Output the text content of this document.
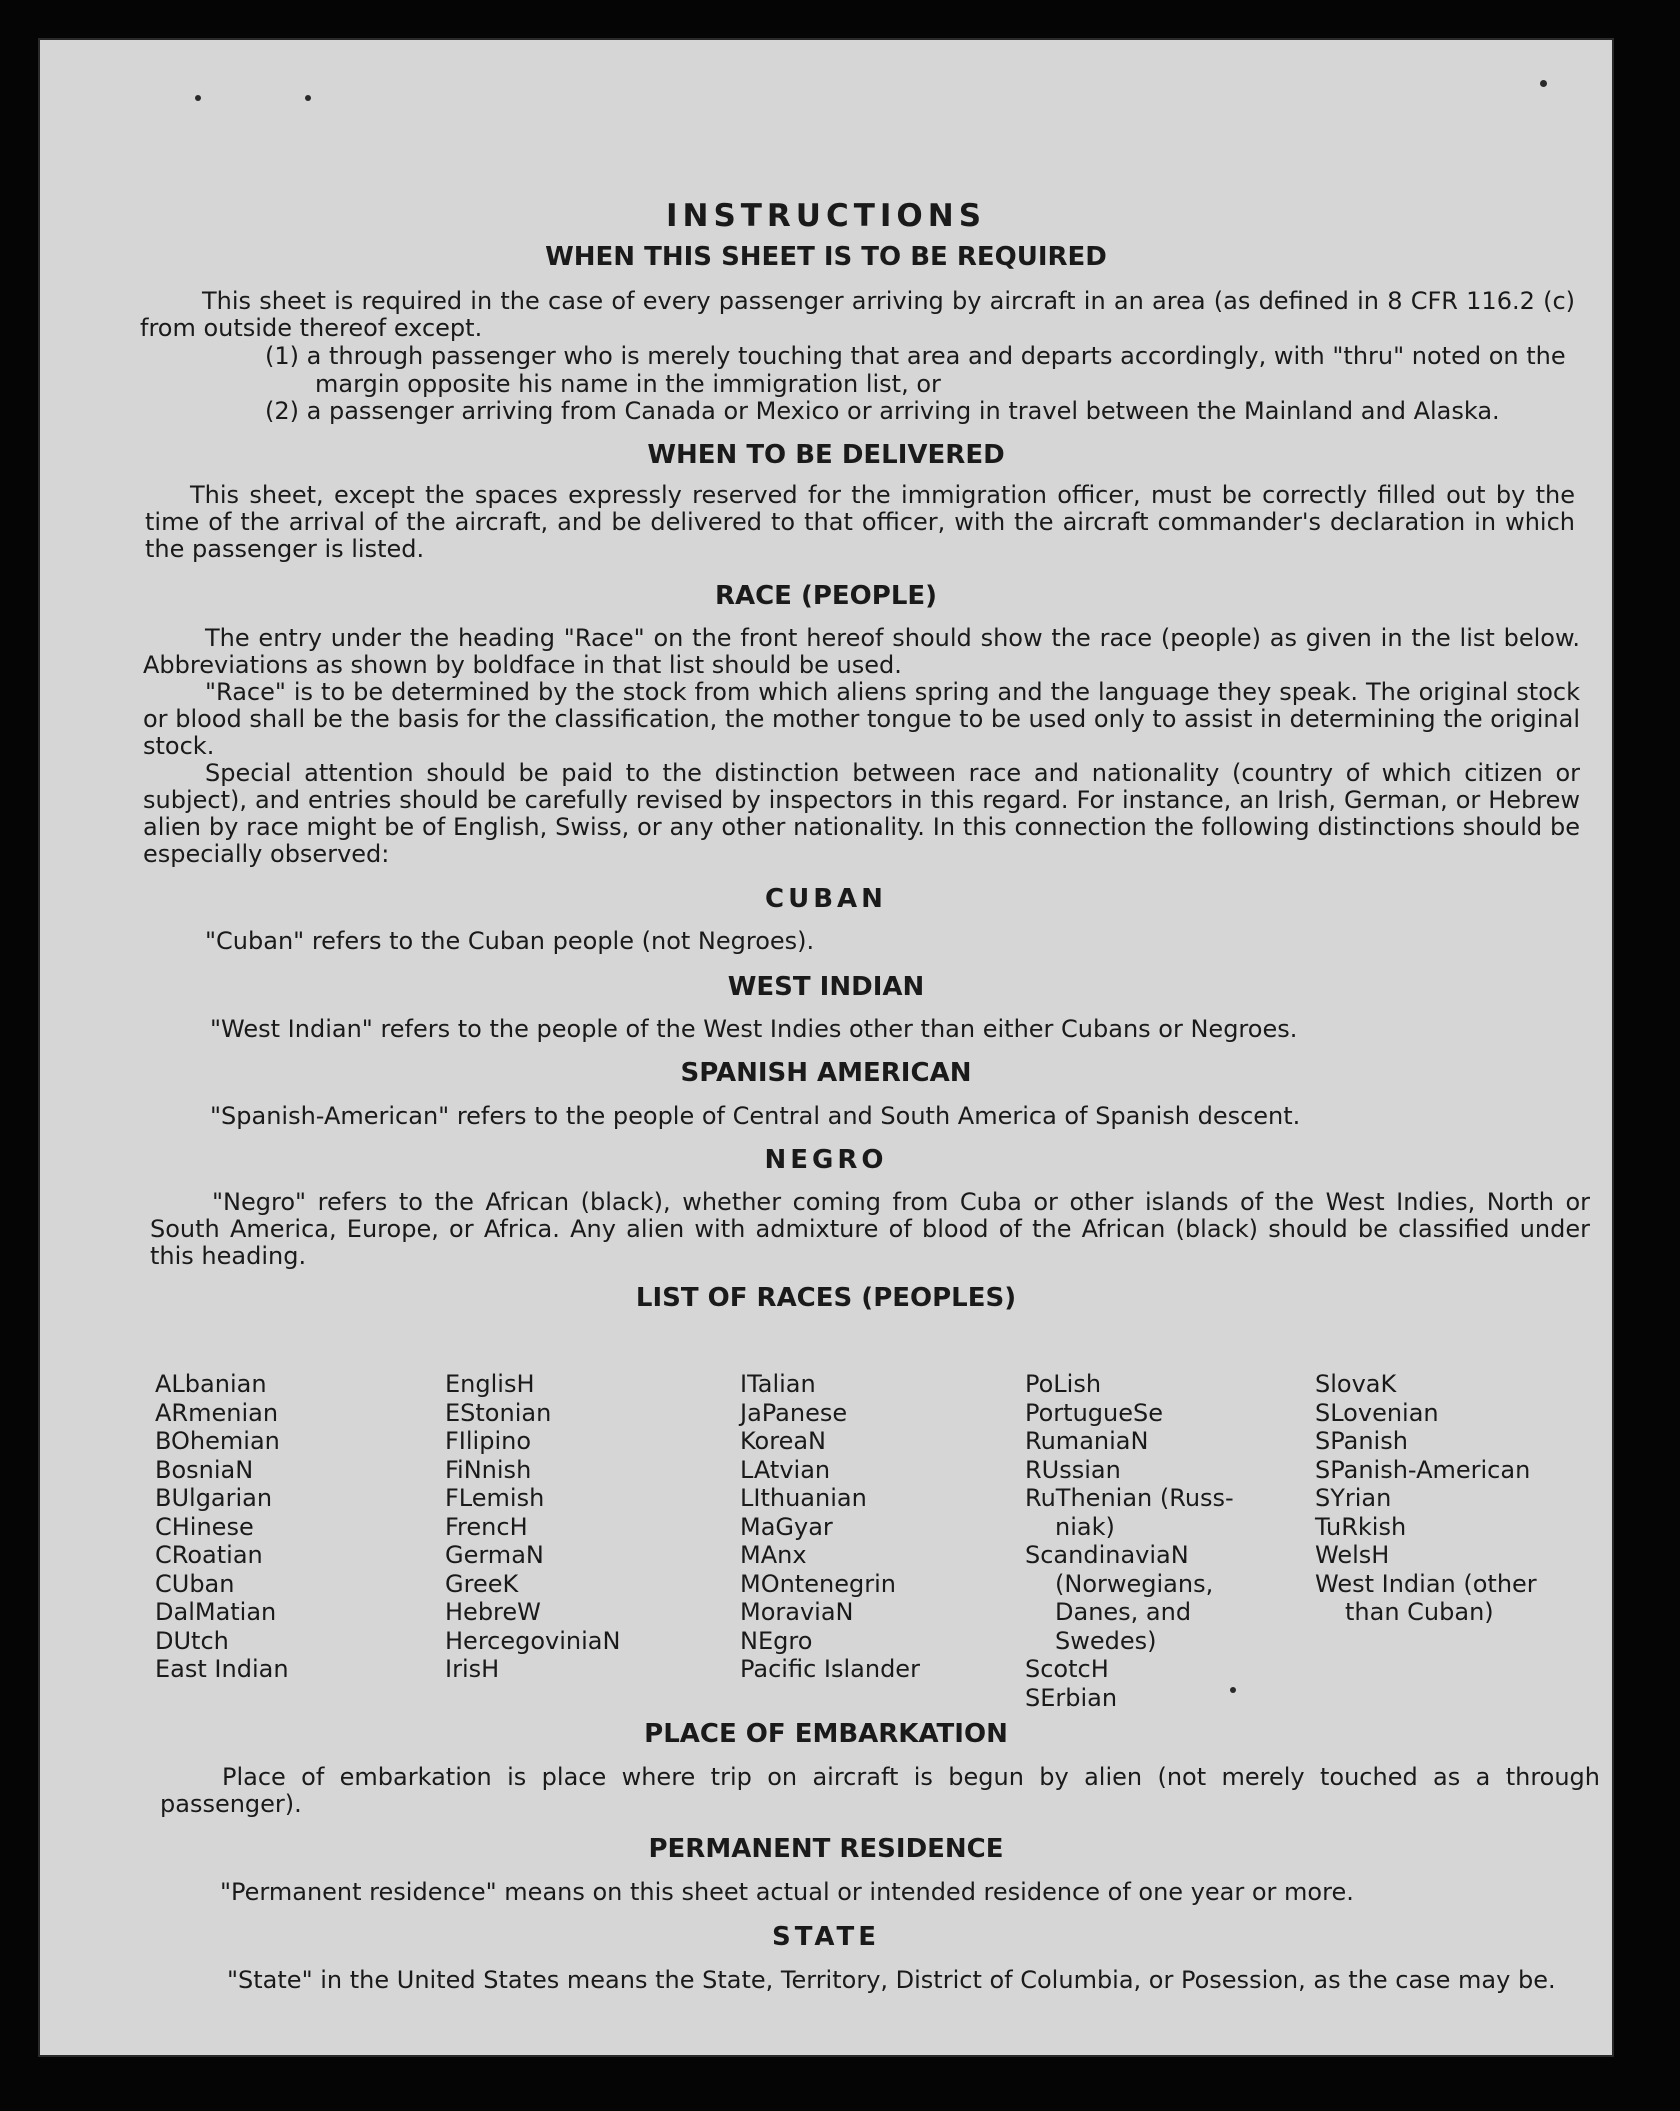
INSTRUCTIONS
WHEN THIS SHEET IS TO BE REQUIRED
This sheet is required in the case of every passenger arriving by aircraft in an area (as defined in 8 CFR 116.2 (c) from outside thereof except.
(1) a through passenger who is merely touching that area and departs accordingly, with "thru" noted on the margin opposite his name in the immigration list, or
(2) a passenger arriving from Canada or Mexico or arriving in travel between the Mainland and Alaska.
WHEN TO BE DELIVERED
This sheet, except the spaces expressly reserved for the immigration officer, must be correctly filled out by the time of the arrival of the aircraft, and be delivered to that officer, with the aircraft commander's declaration in which the passenger is listed.
RACE (PEOPLE)
The entry under the heading "Race" on the front hereof should show the race (people) as given in the list below. Abbreviations as shown by boldface in that list should be used.
"Race" is to be determined by the stock from which aliens spring and the language they speak. The original stock or blood shall be the basis for the classification, the mother tongue to be used only to assist in determining the original stock.
Special attention should be paid to the distinction between race and nationality (country of which citizen or subject), and entries should be carefully revised by inspectors in this regard. For instance, an Irish, German, or Hebrew alien by race might be of English, Swiss, or any other nationality. In this connection the following distinctions should be especially observed:
CUBAN
"Cuban" refers to the Cuban people (not Negroes).
WEST INDIAN
"West Indian" refers to the people of the West Indies other than either Cubans or Negroes.
SPANISH AMERICAN
"Spanish-American" refers to the people of Central and South America of Spanish descent.
NEGRO
"Negro" refers to the African (black), whether coming from Cuba or other islands of the West Indies, North or South America, Europe, or Africa. Any alien with admixture of blood of the African (black) should be classified under this heading.
LIST OF RACES (PEOPLES)
ALbanian
ARmenian
BOhemian
BosniaN
BUlgarian
CHinese
CRoatian
CUban
DalMatian
DUtch
East Indian
EnglisH
EStonian
FIlipino
FiNnish
FLemish
FrencH
GermaN
GreeK
HebreW
HercegoviniaN
IrisH
ITalian
JaPanese
KoreaN
LAtvian
LIthuanian
MaGyar
MAnx
MOntenegrin
MoraviaN
NEgro
Pacific Islander
PoLish
PortugueSe
RumaniaN
RUssian
RuThenian (Russ-
niak)
ScandinaviaN
(Norwegians,
Danes, and
Swedes)
ScotcH
SErbian
SlovaK
SLovenian
SPanish
SPanish-American
SYrian
TuRkish
WelsH
West Indian (other
than Cuban)
PLACE OF EMBARKATION
Place of embarkation is place where trip on aircraft is begun by alien (not merely touched as a through passenger).
PERMANENT RESIDENCE
"Permanent residence" means on this sheet actual or intended residence of one year or more.
STATE
"State" in the United States means the State, Territory, District of Columbia, or Posession, as the case may be.
